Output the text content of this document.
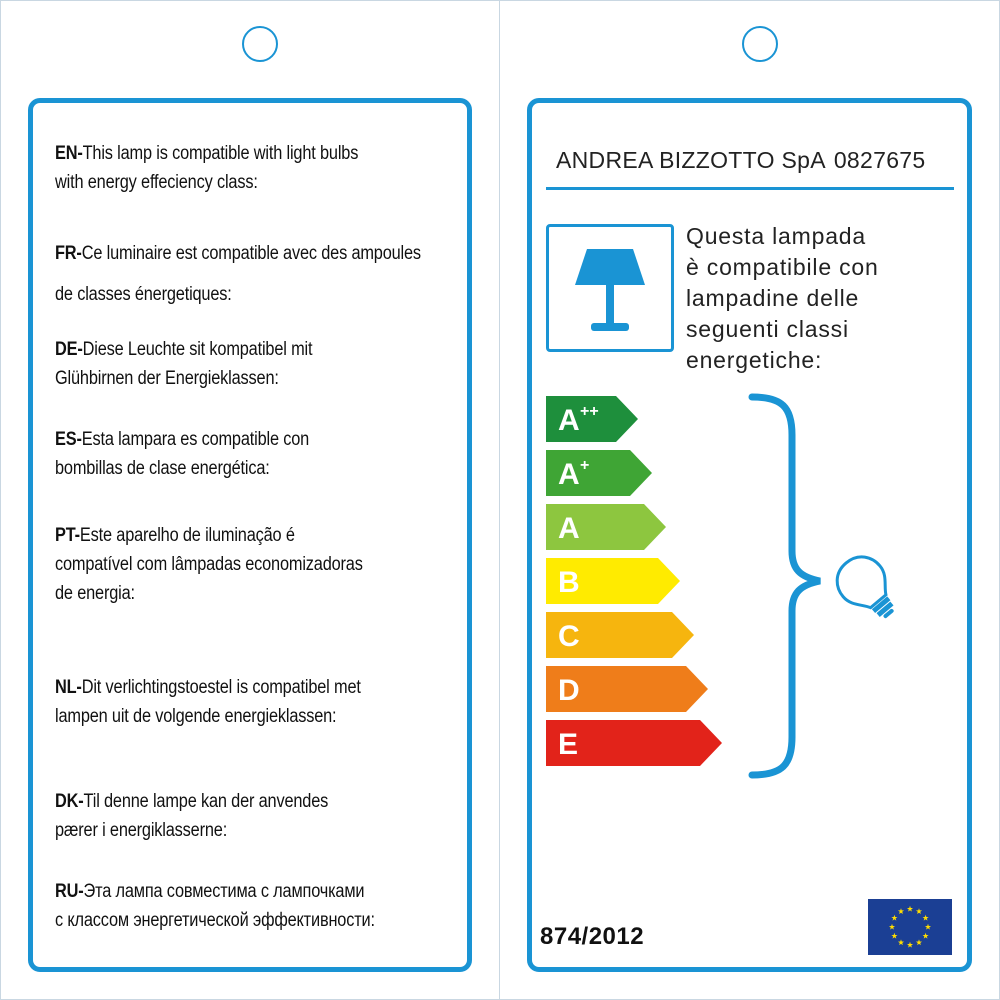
EN-This lamp is compatible with light bulbs
with energy effeciency class:
FR-Ce luminaire est compatible avec des ampoules
de classes énergetiques:
DE-Diese Leuchte sit kompatibel mit
Glühbirnen der Energieklassen:
ES-Esta lampara es compatible con
bombillas de clase energética:
PT-Este aparelho de iluminação é
compatível com lâmpadas economizadoras
de energia:
NL-Dit verlichtingstoestel is compatibel met
lampen uit de volgende energieklassen:
DK-Til denne lampe kan der anvendes
pærer i energiklasserne:
RU-Эта лампа совместима с лампочками
с классом энергетической эффективности:
ANDREA BIZZOTTO SpA 0827675
Questa lampada
è compatibile con
lampadine delle
seguenti classi
energetiche:
A ++
A +
A
B
C
D
E
874/2012
